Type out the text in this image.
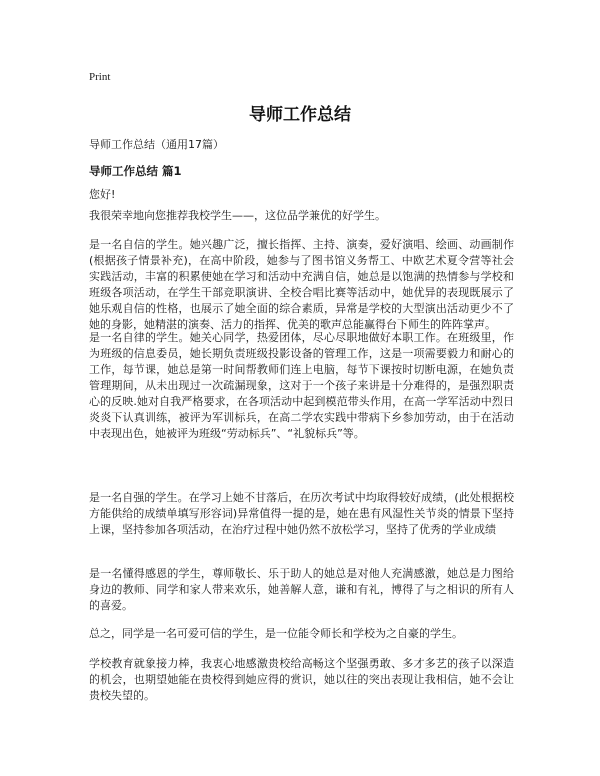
Print
导师工作总结
导师工作总结（通用17篇）
导师工作总结 篇1
您好!

我很荣幸地向您推荐我校学生——，这位品学兼优的好学生。

是一名自信的学生。她兴趣广泛，擅长指挥、主持、演奏，爱好演唱、绘画、动画制作(根据孩子情景补充)，在高中阶段，她参与了图书馆义务帮工、中欧艺术夏令营等社会实践活动，丰富的积累使她在学习和活动中充满自信，她总是以饱满的热情参与学校和班级各项活动，在学生干部竞职演讲、全校合唱比赛等活动中，她优异的表现既展示了她乐观自信的性格，也展示了她全面的综合素质，异常是学校的大型演出活动更少不了她的身影，她精湛的演奏、活力的指挥、优美的歌声总能赢得台下师生的阵阵掌声。

是一名自律的学生。她关心同学，热爱团体，尽心尽职地做好本职工作。在班级里，作为班级的信息委员，她长期负责班级投影设备的管理工作，这是一项需要毅力和耐心的工作，每节课，她总是第一时间帮教师们连上电脑，每节下课按时切断电源，在她负责管理期间，从未出现过一次疏漏现象，这对于一个孩子来讲是十分难得的，是强烈职责心的反映.她对自我严格要求，在各项活动中起到模范带头作用，在高一学军活动中烈日炎炎下认真训练，被评为军训标兵，在高二学农实践中带病下乡参加劳动，由于在活动中表现出色，她被评为班级“劳动标兵”、“礼貌标兵”等。

是一名自强的学生。在学习上她不甘落后，在历次考试中均取得较好成绩，(此处根据校方能供给的成绩单填写形容词)异常值得一提的是，她在患有风湿性关节炎的情景下坚持上课，坚持参加各项活动，在治疗过程中她仍然不放松学习，坚持了优秀的学业成绩

是一名懂得感恩的学生，尊师敬长、乐于助人的她总是对他人充满感激，她总是力图给身边的教师、同学和家人带来欢乐，她善解人意，谦和有礼，博得了与之相识的所有人的喜爱。

总之，同学是一名可爱可信的学生，是一位能令师长和学校为之自豪的学生。

学校教育就象接力棒，我衷心地感激贵校给高畅这个坚强勇敢、多才多艺的孩子以深造的机会，也期望她能在贵校得到她应得的赏识，她以往的突出表现让我相信，她不会让贵校失望的。
